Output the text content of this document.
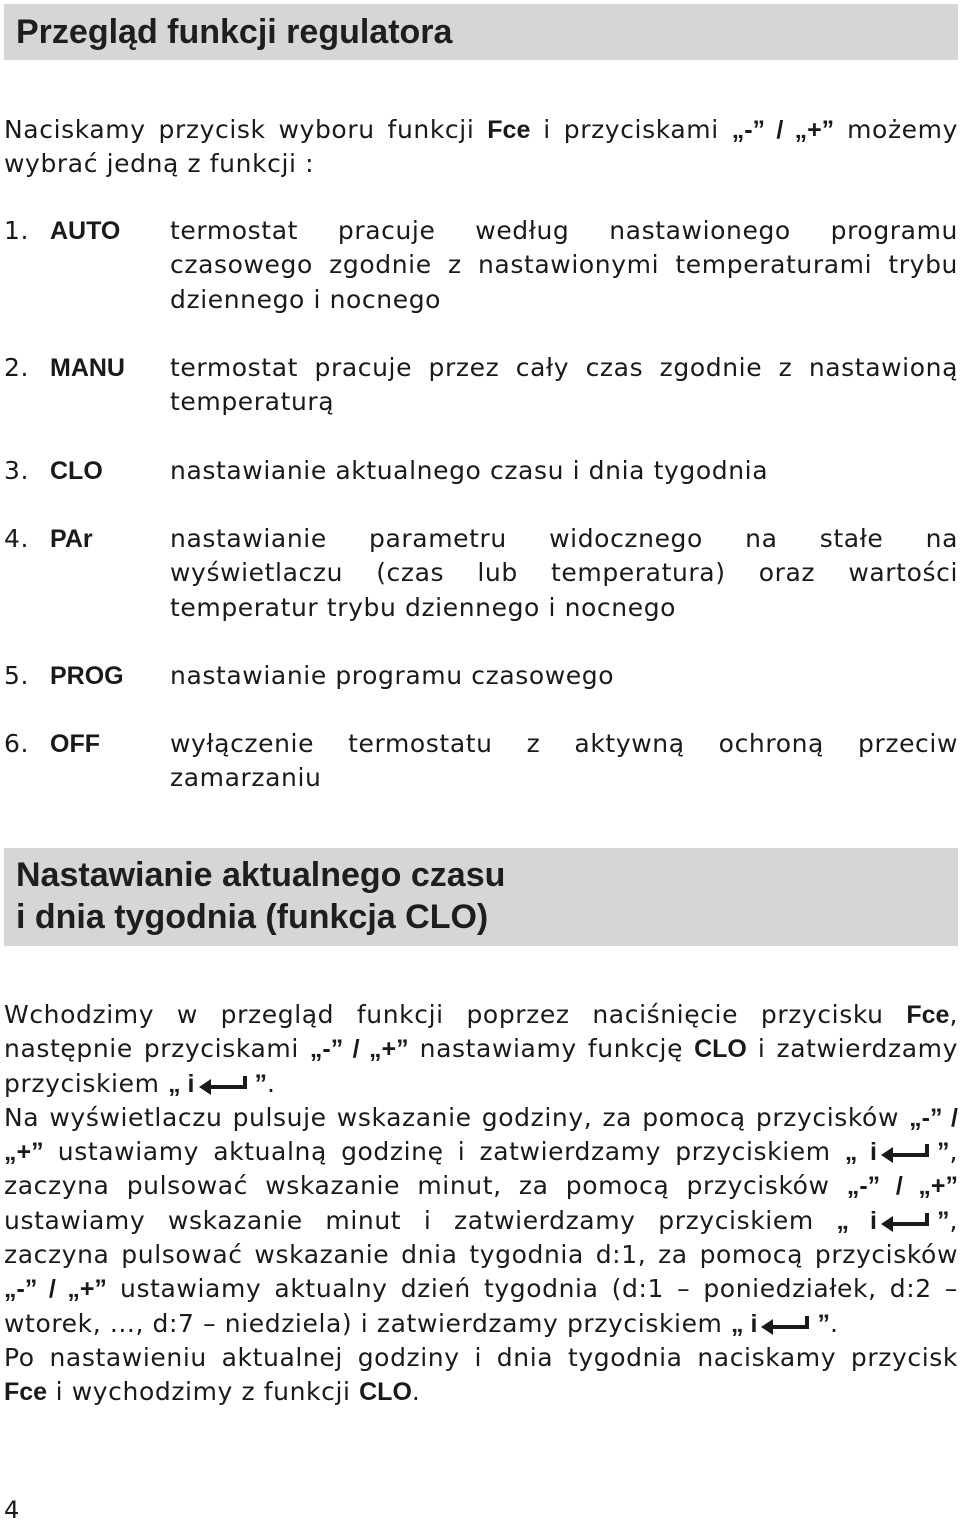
Przegląd funkcji regulatora
Naciskamy przycisk wyboru funkcji Fce i przyciskami „-” / „+” możemy wybrać jedną z funkcji :
1. AUTO	termostat pracuje według nastawionego programu czasowego zgodnie z nastawionymi temperaturami trybu dziennego i nocnego
2. MANU	termostat pracuje przez cały czas zgodnie z nastawioną temperaturą
3. CLO	nastawianie aktualnego czasu i dnia tygodnia
4. PAr	nastawianie parametru widocznego na stałe na wyświetlaczu (czas lub temperatura) oraz wartości temperatur trybu dziennego i nocnego
5. PROG	nastawianie programu czasowego
6. OFF	wyłączenie termostatu z aktywną ochroną przeciw zamarzaniu
Nastawianie aktualnego czasu
i dnia tygodnia (funkcja CLO)
Wchodzimy w przegląd funkcji poprzez naciśnięcie przycisku Fce, następnie przyciskami „-” / „+” nastawiamy funkcję CLO i zatwierdzamy przyciskiem „ i ”.
Na wyświetlaczu pulsuje wskazanie godziny, za pomocą przycisków „-” / „+” ustawiamy aktualną godzinę i zatwierdzamy przyciskiem „ i ”, zaczyna pulsować wskazanie minut, za pomocą przycisków „-” / „+” ustawiamy wskazanie minut i zatwierdzamy przyciskiem „ i ”, zaczyna pulsować wskazanie dnia tygodnia d:1, za pomocą przycisków „-” / „+” ustawiamy aktualny dzień tygodnia (d:1 – poniedziałek, d:2 – wtorek, ..., d:7 – niedziela) i zatwierdzamy przyciskiem „ i ”.
Po nastawieniu aktualnej godziny i dnia tygodnia naciskamy przycisk Fce i wychodzimy z funkcji CLO.
4
